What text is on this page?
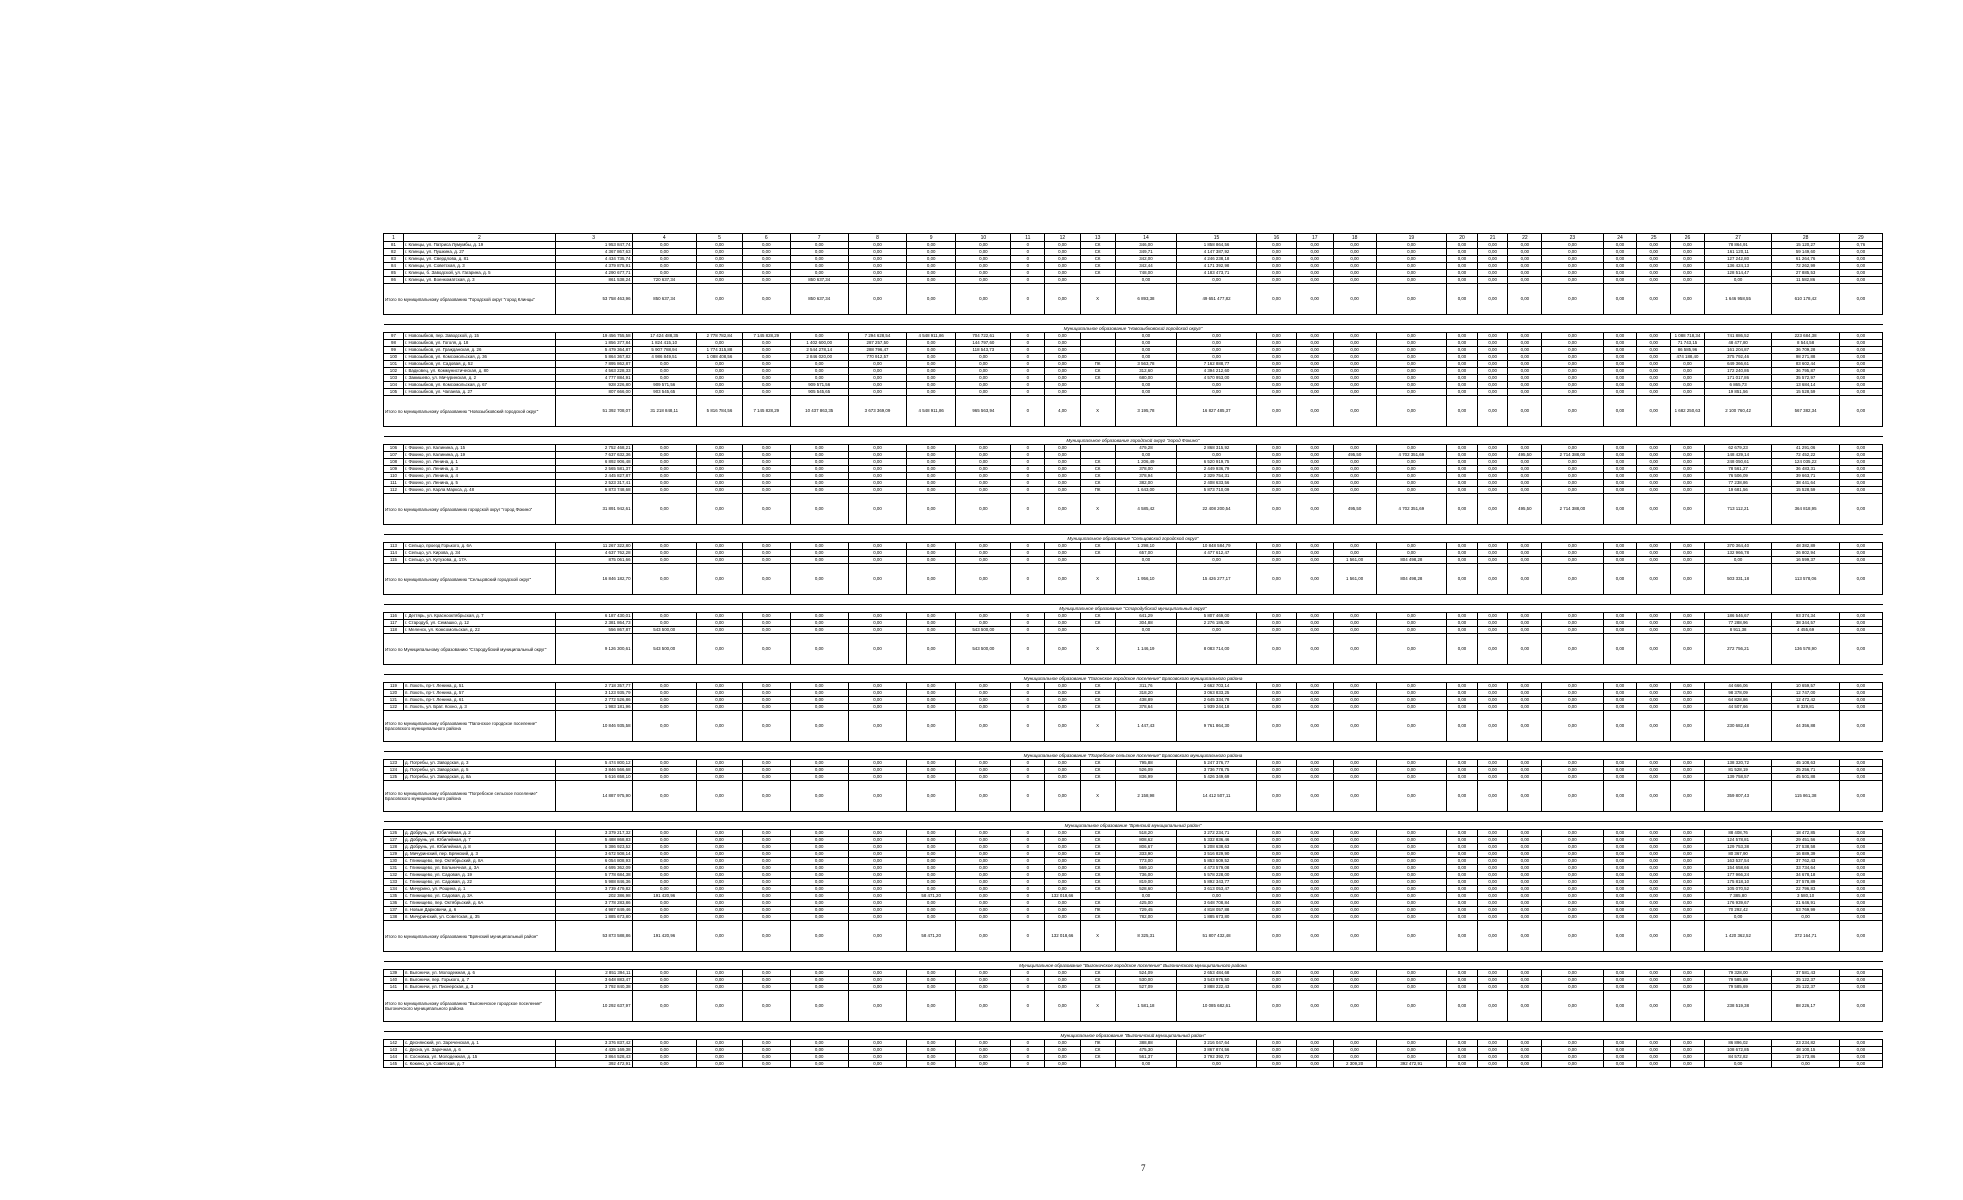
1	2	3	4	5	6	7	8	9	10	11	12	13	14	15	16	17	18	19	20	21	22	23	24	25	26	27	28	29
81	г. Клинцы, ул. Патриса Лумумбы, д. 19	1 953 847,74	0,00	0,00	0,00	0,00	0,00	0,00	0,00	0	0,00	СК	346,00	1 858 864,56	0,00	0,00	0,00	0,00	0,00	0,00	0,00	0,00	0,00	0,00	0,00	78 864,91	15 120,27	0,76
82	г. Клинцы, ул. Пушкина, д. 27	4 367 867,63	0,00	0,00	0,00	0,00	0,00	0,00	0,00	0	0,00	СК	349,71	4 147 387,92	0,00	0,00	0,00	0,00	0,00	0,00	0,00	0,00	0,00	0,00	0,00	161 120,11	59 149,60	0,00
83	г. Клинцы, ул. Свердлова, д. 81	4 434 735,74	0,00	0,00	0,00	0,00	0,00	0,00	0,00	0	0,00	СК	342,00	4 246 238,18	0,00	0,00	0,00	0,00	0,00	0,00	0,00	0,00	0,00	0,00	0,00	127 242,80	61 264,76	0,00
84	г. Клинцы, ул. Советская, д. 3	4 379 875,91	0,00	0,00	0,00	0,00	0,00	0,00	0,00	0	0,00	СК	342,44	4 171 392,98	0,00	0,00	0,00	0,00	0,00	0,00	0,00	0,00	0,00	0,00	0,00	136 424,13	72 262,99	0,00
85	г. Клинцы, б. Заводской, ул. Гагарина, д. 5	4 290 677,71	0,00	0,00	0,00	0,00	0,00	0,00	0,00	0	0,00	СК	748,00	4 183 473,71	0,00	0,00	0,00	0,00	0,00	0,00	0,00	0,00	0,00	0,00	0,00	128 514,47	27 885,53	0,00
86	г. Клинцы, ул. Военкоматская, д. 3	861 538,24	720 637,34	0,00	0,00	850 637,34	0,00	0,00	0,00	0	0,00		0,00	0,00	0,00	0,00	0,00	0,00	0,00	0,00	0,00	0,00	0,00	0,00	0,00	0,00	11 582,86	0,00
Итого по муниципальному образованию "Городской округ "город Клинцы"		53 758 463,96	850 637,34	0,00	0,00	850 637,34	0,00	0,00	0,00	0	0,00	X	6 893,38	49 651 477,82	0,00	0,00	0,00	0,00	0,00	0,00	0,00	0,00	0,00	0,00	0,00	1 646 958,55	610 178,42	0,00

Муниципальное образование "Новозыбковский городской округ"																												
97	г. Новозыбков, пер. Заводской, д. 15	19 456 755,58	17 424 488,35	2 778 782,84	7 145 828,29	0,00	7 294 628,54	4 548 911,86	704 722,61	0	0,00		0,00	0,00	0,00	0,00	0,00	0,00	0,00	0,00	0,00	0,00	0,00	0,00	1 088 718,34	741 886,52	223 684,38	0,00
98	г. Новозыбков, ул. Гоголя, д. 18	1 856 377,84	1 824 415,10	0,00	0,00	1 402 600,00	287 257,50	0,00	144 797,60	0	0,00		0,00	0,00	0,00	0,00	0,00	0,00	0,00	0,00	0,00	0,00	0,00	0,00	71 743,15	48 477,80	8 544,58	0,00
99	г. Новозыбков, ул. Гражданская, д. 26	5 479 364,87	5 907 788,94	1 774 315,88	0,00	2 544 278,14	288 796,47	0,00	118 543,73	0	0,00		0,00	0,00	0,00	0,00	0,00	0,00	0,00	0,00	0,00	0,00	0,00	0,00	86 585,96	161 204,87	36 709,28	0,00
100	г. Новозыбков, ул. Комсомольская, д. 36	5 864 367,82	4 986 849,51	1 088 408,56	0,00	2 846 020,00	770 912,57	0,00	0,00	0	0,00		0,00	0,00	0,00	0,00	0,00	0,00	0,00	0,00	0,00	0,00	0,00	0,00	474 188,40	375 792,46	98 271,88	0,00
101	г. Новозыбков, ул. Садовая, д. 52	7 895 862,87	0,00	0,00	0,00	0,00	0,00	0,00	0,00	0	0,00	ПК	3 563,78	7 162 888,77	0,00	0,00	0,00	0,00	0,00	0,00	0,00	0,00	0,00	0,00	0,00	649 366,61	83 602,44	0,00
102	г. Вадковец, ул. Коммунистическая, д. 80	4 563 228,33	0,00	0,00	0,00	0,00	0,00	0,00	0,00	0	0,00	СК	312,60	4 394 212,60	0,00	0,00	0,00	0,00	0,00	0,00	0,00	0,00	0,00	0,00	0,00	172 240,86	36 795,87	0,00
103	г. Замишево, ул. Мичуринская, д. 2	4 777 884,91	0,00	0,00	0,00	0,00	0,00	0,00	0,00	0	0,00	СК	680,00	4 570 953,00	0,00	0,00	0,00	0,00	0,00	0,00	0,00	0,00	0,00	0,00	0,00	171 017,86	35 572,97	0,00
104	г. Новозыбков, ул. Комсомольская, д. 67	928 226,80	909 571,56	0,00	0,00	909 571,56	0,00	0,00	0,00	0	0,00		0,00	0,00	0,00	0,00	0,00	0,00	0,00	0,00	0,00	0,00	0,00	0,00	0,00	6 865,73	13 684,14	0,00
105	г. Новозыбков, ул. Чапаева, д. 27	807 666,00	903 545,65	0,00	0,00	905 545,65	0,00	0,00	0,00	0	0,00		0,00	0,00	0,00	0,00	0,00	0,00	0,00	0,00	0,00	0,00	0,00	0,00	0,00	19 851,56	15 528,59	0,00
Итого по муниципальному образованию "Новозыбковский городской округ"		51 392 708,07	31 218 848,11	5 816 784,56	7 145 828,29	10 437 863,35	3 673 369,09	4 548 911,86	965 563,94	0	4,00	X	3 195,78	16 827 485,37	0,00	0,00	0,00	0,00	0,00	0,00	0,00	0,00	0,00	0,00	1 682 250,63	2 100 760,42	567 382,34	0,00

Муниципальное образование городской округ "город Фокино"																												
106	г. Фокино, ул. Калинина, д. 15	2 752 468,21	0,00	0,00	0,00	0,00	0,00	0,00	0,00	0	0,00		479,28	2 868 315,92	0,00	0,00	0,00	0,00	0,00	0,00	0,00	0,00	0,00	0,00	0,00	62 679,23	41 291,06	0,00
107	г. Фокино, ул. Калинина, д. 19	7 637 632,36	0,00	0,00	0,00	0,00	0,00	0,00	0,00	0	0,00		0,00	0,00	0,00	0,00	495,50	4 702 351,69	0,00	0,00	495,50	2 714 388,00	0,00	0,00	0,00	148 429,14	72 452,22	0,00
108	г. Фокино, ул. Ленина, д. 1	6 892 906,48	0,00	0,00	0,00	0,00	0,00	0,00	0,00	0	0,00	СК	1 206,49	6 520 919,75	0,00	0,00	0,00	0,00	0,00	0,00	0,00	0,00	0,00	0,00	0,00	248 050,61	124 035,22	0,00
109	г. Фокино, ул. Ленина, д. 3	2 565 581,37	0,00	0,00	0,00	0,00	0,00	0,00	0,00	0	0,00	СК	378,00	2 449 936,79	0,00	0,00	0,00	0,00	0,00	0,00	0,00	0,00	0,00	0,00	0,00	78 561,27	36 483,31	0,00
110	г. Фокино, ул. Ленина, д. 4	2 445 827,87	0,00	0,00	0,00	0,00	0,00	0,00	0,00	0	0,00	СК	378,94	2 329 754,31	0,00	0,00	0,00	0,00	0,00	0,00	0,00	0,00	0,00	0,00	0,00	76 506,09	39 663,71	0,00
111	г. Фокино, ул. Ленина, д. 5	2 523 317,41	0,00	0,00	0,00	0,00	0,00	0,00	0,00	0	0,00	СК	382,00	2 408 633,56	0,00	0,00	0,00	0,00	0,00	0,00	0,00	0,00	0,00	0,00	0,00	77 238,86	38 441,64	0,00
112	г. Фокино, ул. Карла Маркса, д. 48	5 873 748,68	0,00	0,00	0,00	0,00	0,00	0,00	0,00	0	0,00	ПК	1 643,00	5 873 710,09	0,00	0,00	0,00	0,00	0,00	0,00	0,00	0,00	0,00	0,00	0,00	19 681,56	15 528,59	0,00
Итого по муниципальному образованию городской округ "город Фокино"		31 891 942,61	0,00	0,00	0,00	0,00	0,00	0,00	0,00	0	0,00	X	4 585,42	22 408 200,54	0,00	0,00	495,50	4 702 351,69	0,00	0,00	495,50	2 714 388,00	0,00	0,00	0,00	713 112,21	364 818,95	0,00

Муниципальное образование "Сельцовский городской округ"																												
113	г. Сельцо, проезд Горького, д. 6А	11 267 322,80	0,00	0,00	0,00	0,00	0,00	0,00	0,00	0	0,00	СК	1 298,10	10 848 584,79	0,00	0,00	0,00	0,00	0,00	0,00	0,00	0,00	0,00	0,00	0,00	370 364,40	48 382,89	0,00
114	г. Сельцо, ул. Кирова, д. 34	4 637 762,28	0,00	0,00	0,00	0,00	0,00	0,00	0,00	0	0,00	СК	657,00	4 477 612,47	0,00	0,00	0,00	0,00	0,00	0,00	0,00	0,00	0,00	0,00	0,00	132 966,78	26 802,94	0,00
115	г. Сельцо, ул. Кутузова, д. 17А	875 061,66	0,00	0,00	0,00	0,00	0,00	0,00	0,00	0	0,00		0,00	0,00	0,00	0,00	1 561,00	804 498,28	0,00	0,00	0,00	0,00	0,00	0,00	0,00	0,00	16 599,37	0,00
Итого по муниципальному образованию "Сельцовский городской округ"		16 846 182,70	0,00	0,00	0,00	0,00	0,00	0,00	0,00	0	0,00	X	1 956,10	15 426 277,17	0,00	0,00	1 561,00	804 498,28	0,00	0,00	0,00	0,00	0,00	0,00	0,00	503 331,18	113 578,06	0,00

Муниципальное образование "Стародубский муниципальный округ"																												
116	г. Дегтярь, ул. Краснооктябрьская, д. 7	6 187 430,01	0,00	0,00	0,00	0,00	0,00	0,00	0,00	0	0,00	СК	641,29	5 807 469,00	0,00	0,00	0,00	0,00	0,00	0,00	0,00	0,00	0,00	0,00	0,00	186 546,67	93 374,34	0,00
117	г. Стародуб, ул. Семашко, д. 12	2 381 864,73	0,00	0,00	0,00	0,00	0,00	0,00	0,00	0	0,00	СК	304,88	2 276 185,00	0,00	0,00	0,00	0,00	0,00	0,00	0,00	0,00	0,00	0,00	0,00	77 288,96	38 344,57	0,00
118	г. Меленск, ул. Комсомольская, д. 22	556 867,87	543 500,00	0,00	0,00	0,00	0,00	0,00	543 500,00	0	0,00		0,00	0,00	0,00	0,00	0,00	0,00	0,00	0,00	0,00	0,00	0,00	0,00	0,00	8 911,38	4 455,69	0,00
Итого по Муниципальному образованию "Стародубский муниципальный округ"		9 126 300,61	543 500,00	0,00	0,00	0,00	0,00	0,00	543 500,00	0	0,00	X	1 146,19	8 083 714,00	0,00	0,00	0,00	0,00	0,00	0,00	0,00	0,00	0,00	0,00	0,00	272 756,21	136 578,90	0,00

Муниципальное образование "Пагонское городское поселение" Брасовского муниципального района																												
119	п. Локоть, пр-т. Ленина, д. 51	2 718 357,77	0,00	0,00	0,00	0,00	0,00	0,00	0,00	0	0,00	СК	311,76	2 662 703,14	0,00	0,00	0,00	0,00	0,00	0,00	0,00	0,00	0,00	0,00	0,00	44 666,06	10 659,57	0,00
120	п. Локоть, пр-т. Ленина, д. 57	3 123 935,79	0,00	0,00	0,00	0,00	0,00	0,00	0,00	0	0,00	СК	318,20	3 063 833,25	0,00	0,00	0,00	0,00	0,00	0,00	0,00	0,00	0,00	0,00	0,00	98 378,09	12 747,00	0,00
121	п. Локоть, пр-т. Ленина, д. 61	2 772 526,86	0,00	0,00	0,00	0,00	0,00	0,00	0,00	0	0,00	СК	438,89	2 645 334,78	0,00	0,00	0,00	0,00	0,00	0,00	0,00	0,00	0,00	0,00	0,00	64 828,86	12 472,42	0,00
122	п. Локоть, ул. Брат. Кохно, д. 3	1 983 181,96	0,00	0,00	0,00	0,00	0,00	0,00	0,00	0	0,00	СК	378,64	1 939 244,18	0,00	0,00	0,00	0,00	0,00	0,00	0,00	0,00	0,00	0,00	0,00	44 507,66	8 329,81	0,00
Итого по муниципальному образованию "Пагонское городское поселение" Брасовского муниципального района		10 846 935,58	0,00	0,00	0,00	0,00	0,00	0,00	0,00	0	0,00	X	1 447,43	9 761 864,30	0,00	0,00	0,00	0,00	0,00	0,00	0,00	0,00	0,00	0,00	0,00	230 682,48	44 356,88	0,00

Муниципальное образование "Погребское сельское поселение" Брасовского муниципального района																												
123	д. Погребы, ул. Заводская, д. 3	5 474 800,12	0,00	0,00	0,00	0,00	0,00	0,00	0,00	0	0,00	СК	795,88	5 247 376,77	0,00	0,00	0,00	0,00	0,00	0,00	0,00	0,00	0,00	0,00	0,00	138 320,72	45 108,63	0,00
124	д. Погребы, ул. Заводская, д. 5	3 846 566,68	0,00	0,00	0,00	0,00	0,00	0,00	0,00	0	0,00	СК	526,09	3 736 778,75	0,00	0,00	0,00	0,00	0,00	0,00	0,00	0,00	0,00	0,00	0,00	81 528,19	25 256,71	0,00
125	д. Погребы, ул. Заводская, д. 8а	5 616 658,10	0,00	0,00	0,00	0,00	0,00	0,00	0,00	0	0,00	СК	836,99	5 426 349,69	0,00	0,00	0,00	0,00	0,00	0,00	0,00	0,00	0,00	0,00	0,00	139 758,57	45 501,88	0,00
Итого по муниципальному образованию "Погребское сельское поселение" Брасовского муниципального района		14 887 975,90	0,00	0,00	0,00	0,00	0,00	0,00	0,00	0	0,00	X	2 158,98	14 412 507,11	0,00	0,00	0,00	0,00	0,00	0,00	0,00	0,00	0,00	0,00	0,00	359 807,43	115 861,38	0,00

Муниципальное образование "Брянский муниципальный район"																												
126	д. Добрунь, ул. Юбилейная, д. 2	3 379 217,32	0,00	0,00	0,00	0,00	0,00	0,00	0,00	0	0,00	СК	518,20	3 272 234,71	0,00	0,00	0,00	0,00	0,00	0,00	0,00	0,00	0,00	0,00	0,00	88 408,76	18 472,85	0,00
127	д. Добрунь, ул. Юбилейная, д. 7	5 488 868,83	0,00	0,00	0,00	0,00	0,00	0,00	0,00	0	0,00	СК	808,62	5 332 836,46	0,00	0,00	0,00	0,00	0,00	0,00	0,00	0,00	0,00	0,00	0,00	124 578,81	29 451,56	0,00
128	д. Добрунь, ул. Юбилейная, д. 8	5 386 923,52	0,00	0,00	0,00	0,00	0,00	0,00	0,00	0	0,00	СК	806,67	5 208 638,63	0,00	0,00	0,00	0,00	0,00	0,00	0,00	0,00	0,00	0,00	0,00	129 753,38	27 538,58	0,00
129	д. Мичуринский, пер. Брянский, д. 3	3 672 508,14	0,00	0,00	0,00	0,00	0,00	0,00	0,00	0	0,00	СК	333,90	3 516 829,90	0,00	0,00	0,00	0,00	0,00	0,00	0,00	0,00	0,00	0,00	0,00	80 367,90	16 889,39	0,00
130	с. Глинищево, пер. Октябрьский, д. 8А	6 054 808,93	0,00	0,00	0,00	0,00	0,00	0,00	0,00	0	0,00	СК	773,00	5 853 509,52	0,00	0,00	0,00	0,00	0,00	0,00	0,00	0,00	0,00	0,00	0,00	163 537,54	37 762,43	0,00
131	с. Глинищево, ул. Больничная, д. 3А	4 695 362,09	0,00	0,00	0,00	0,00	0,00	0,00	0,00	0	0,00	СК	569,10	4 473 579,08	0,00	0,00	0,00	0,00	0,00	0,00	0,00	0,00	0,00	0,00	0,00	154 658,66	33 734,64	0,00
132	с. Глинищево, ул. Садовая, д. 19	5 778 684,38	0,00	0,00	0,00	0,00	0,00	0,00	0,00	0	0,00	СК	736,00	5 578 228,00	0,00	0,00	0,00	0,00	0,00	0,00	0,00	0,00	0,00	0,00	0,00	177 966,24	34 678,18	0,00
133	с. Глинищево, ул. Садовая, д. 22	5 988 846,36	0,00	0,00	0,00	0,00	0,00	0,00	0,00	0	0,00	СК	819,00	5 892 343,77	0,00	0,00	0,00	0,00	0,00	0,00	0,00	0,00	0,00	0,00	0,00	175 818,10	37 578,89	0,00
134	с. Мичурино, ул. Рощина, д. 1	3 739 479,82	0,00	0,00	0,00	0,00	0,00	0,00	0,00	0	0,00	СК	528,60	3 613 053,47	0,00	0,00	0,00	0,00	0,00	0,00	0,00	0,00	0,00	0,00	0,00	105 070,52	22 796,83	0,00
135	с. Глинищево, ул. Садовая, д. 3А	202 386,98	191 420,96	0,00	0,00	0,00	0,00	58 471,20	0,00	0	132 018,66		0,00	0,00	0,00	0,00	0,00	0,00	0,00	0,00	0,00	0,00	0,00	0,00	0,00	7 385,80	3 580,10	0,00
136	с. Глинищево, пер. Октябрьский, д. 6А	3 778 283,86	0,00	0,00	0,00	0,00	0,00	0,00	0,00	0	0,00	СК	425,00	3 648 708,84	0,00	0,00	0,00	0,00	0,00	0,00	0,00	0,00	0,00	0,00	0,00	176 939,67	21 646,91	0,00
137	п. Новые Дарковичи, д. 6	4 987 849,46	0,00	0,00	0,00	0,00	0,00	0,00	0,00	0	0,00	ПК	729,45	4 818 057,88	0,00	0,00	0,00	0,00	0,00	0,00	0,00	0,00	0,00	0,00	0,00	70 292,42	53 769,99	0,00
138	п. Мичуринский, ул. Советская, д. 35	1 885 673,80	0,00	0,00	0,00	0,00	0,00	0,00	0,00	0	0,00	СК	782,00	1 885 673,80	0,00	0,00	0,00	0,00	0,00	0,00	0,00	0,00	0,00	0,00	0,00	0,00	0,00	0,00
Итого по муниципальному образованию "Брянский муниципальный район"		53 873 588,86	191 420,96	0,00	0,00	0,00	0,00	58 471,20	0,00	0	132 018,66	X	8 325,31	51 807 432,48	0,00	0,00	0,00	0,00	0,00	0,00	0,00	0,00	0,00	0,00	0,00	1 420 362,52	372 164,71	0,00

Муниципальное образование "Выгоничское городское поселение" Выгоничского муниципального района																												
139	п. Выгоничи, ул. Молодежная, д. 6	2 851 394,11	0,00	0,00	0,00	0,00	0,00	0,00	0,00	0	0,00	СК	524,09	2 653 484,68	0,00	0,00	0,00	0,00	0,00	0,00	0,00	0,00	0,00	0,00	0,00	79 328,00	37 581,43	0,00
140	п. Выгоничи, пер. Горького, д. 7	3 648 883,47	0,00	0,00	0,00	0,00	0,00	0,00	0,00	0	0,00	СК	530,00	3 543 975,50	0,00	0,00	0,00	0,00	0,00	0,00	0,00	0,00	0,00	0,00	0,00	79 585,69	25 122,37	0,00
141	п. Выгоничи, ул. Пионерская, д. 3	3 792 840,38	0,00	0,00	0,00	0,00	0,00	0,00	0,00	0	0,00	СК	527,09	3 888 222,43	0,00	0,00	0,00	0,00	0,00	0,00	0,00	0,00	0,00	0,00	0,00	79 585,69	25 122,37	0,00
Итого по муниципальному образованию "Выгоничское городское поселение" Выгоничского муниципального района		10 292 637,97	0,00	0,00	0,00	0,00	0,00	0,00	0,00	0	0,00	X	1 581,18	10 085 682,61	0,00	0,00	0,00	0,00	0,00	0,00	0,00	0,00	0,00	0,00	0,00	238 519,38	88 226,17	0,00

Муниципальное образование "Выгоничский муниципальный район"																												
142	с. Деснянский, ул. Зареченская, д. 1	3 376 837,42	0,00	0,00	0,00	0,00	0,00	0,00	0,00	0	0,00	ПК	388,88	3 216 047,64	0,00	0,00	0,00	0,00	0,00	0,00	0,00	0,00	0,00	0,00	0,00	86 896,02	23 234,82	0,00
143	с. Десна, ул. Заречная, д. 6	4 425 169,38	0,00	0,00	0,00	0,00	0,00	0,00	0,00	0	0,00	СК	475,30	3 867 874,56	0,00	0,00	0,00	0,00	0,00	0,00	0,00	0,00	0,00	0,00	0,00	108 672,85	48 100,15	0,00
144	п. Сосновка, ул. Молодежная, д. 15	3 864 528,43	0,00	0,00	0,00	0,00	0,00	0,00	0,00	0	0,00	СК	561,37	3 792 392,72	0,00	0,00	0,00	0,00	0,00	0,00	0,00	0,00	0,00	0,00	0,00	84 572,82	15 173,86	0,00
145	с. Кокино, ул. Советская, д. 7	392 472,91	0,00	0,00	0,00	0,00	0,00	0,00	0,00	0	0,00		0,00	0,00	0,00	0,00	2 309,20	392 472,91	0,00	0,00	0,00	0,00	0,00	0,00	0,00	0,00	0,00	0,00
7
